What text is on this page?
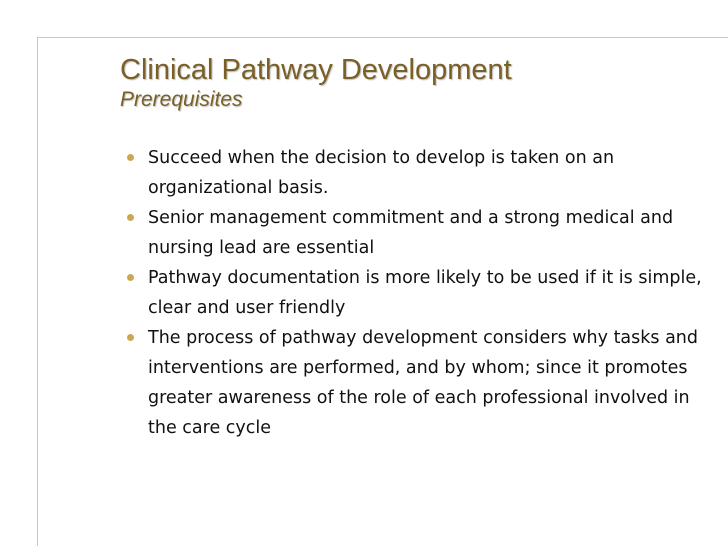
Clinical Pathway Development
Prerequisites
Succeed when the decision to develop is taken on an organizational basis.
Senior management commitment and a strong medical and nursing lead are essential
Pathway documentation is more likely to be used if it is simple, clear and user friendly
The process of pathway development considers why tasks and interventions are performed, and by whom; since it promotes greater awareness of the role of each professional involved in the care cycle
